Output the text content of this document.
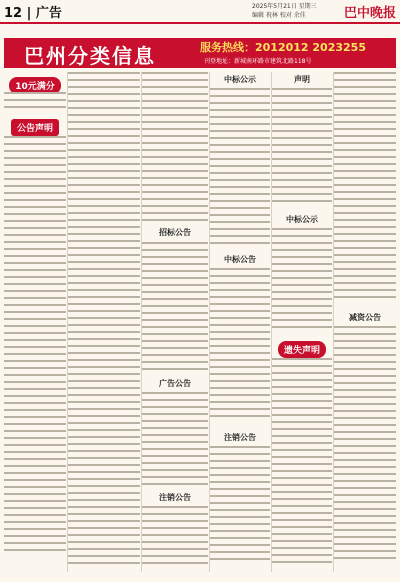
12 | 广告	2025年5月21日 星期三
编辑 祝林 校对 余佳	巴中晚报
巴州分类信息	服务热线：2012012 2023255
刊登地址：新城南环路市建筑北路118号
10元满分
公告声明
招标公告
广告公告
注销公告
中标公示
中标公告
注销公告
声明
中标公示
遗失声明
减资公告
